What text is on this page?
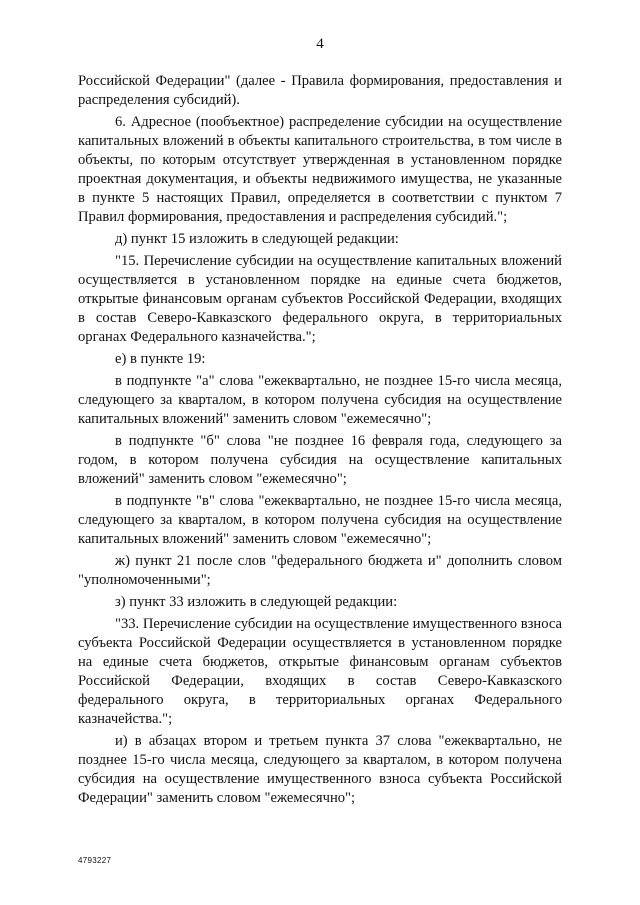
4

Российской Федерации" (далее - Правила формирования, предоставления и распределения субсидий).

6. Адресное (пообъектное) распределение субсидии на осуществление капитальных вложений в объекты капитального строительства, в том числе в объекты, по которым отсутствует утвержденная в установленном порядке проектная документация, и объекты недвижимого имущества, не указанные в пункте 5 настоящих Правил, определяется в соответствии с пунктом 7 Правил формирования, предоставления и распределения субсидий.";

д) пункт 15 изложить в следующей редакции:

"15. Перечисление субсидии на осуществление капитальных вложений осуществляется в установленном порядке на единые счета бюджетов, открытые финансовым органам субъектов Российской Федерации, входящих в состав Северо-Кавказского федерального округа, в территориальных органах Федерального казначейства.";

е) в пункте 19:

в подпункте "а" слова "ежеквартально, не позднее 15-го числа месяца, следующего за кварталом, в котором получена субсидия на осуществление капитальных вложений" заменить словом "ежемесячно";

в подпункте "б" слова "не позднее 16 февраля года, следующего за годом, в котором получена субсидия на осуществление капитальных вложений" заменить словом "ежемесячно";

в подпункте "в" слова "ежеквартально, не позднее 15-го числа месяца, следующего за кварталом, в котором получена субсидия на осуществление капитальных вложений" заменить словом "ежемесячно";

ж) пункт 21 после слов "федерального бюджета и" дополнить словом "уполномоченными";

з) пункт 33 изложить в следующей редакции:

"33. Перечисление субсидии на осуществление имущественного взноса субъекта Российской Федерации осуществляется в установленном порядке на единые счета бюджетов, открытые финансовым органам субъектов Российской Федерации, входящих в состав Северо-Кавказского федерального округа, в территориальных органах Федерального казначейства.";

и) в абзацах втором и третьем пункта 37 слова "ежеквартально, не позднее 15-го числа месяца, следующего за кварталом, в котором получена субсидия на осуществление имущественного взноса субъекта Российской Федерации" заменить словом "ежемесячно";

4793227
